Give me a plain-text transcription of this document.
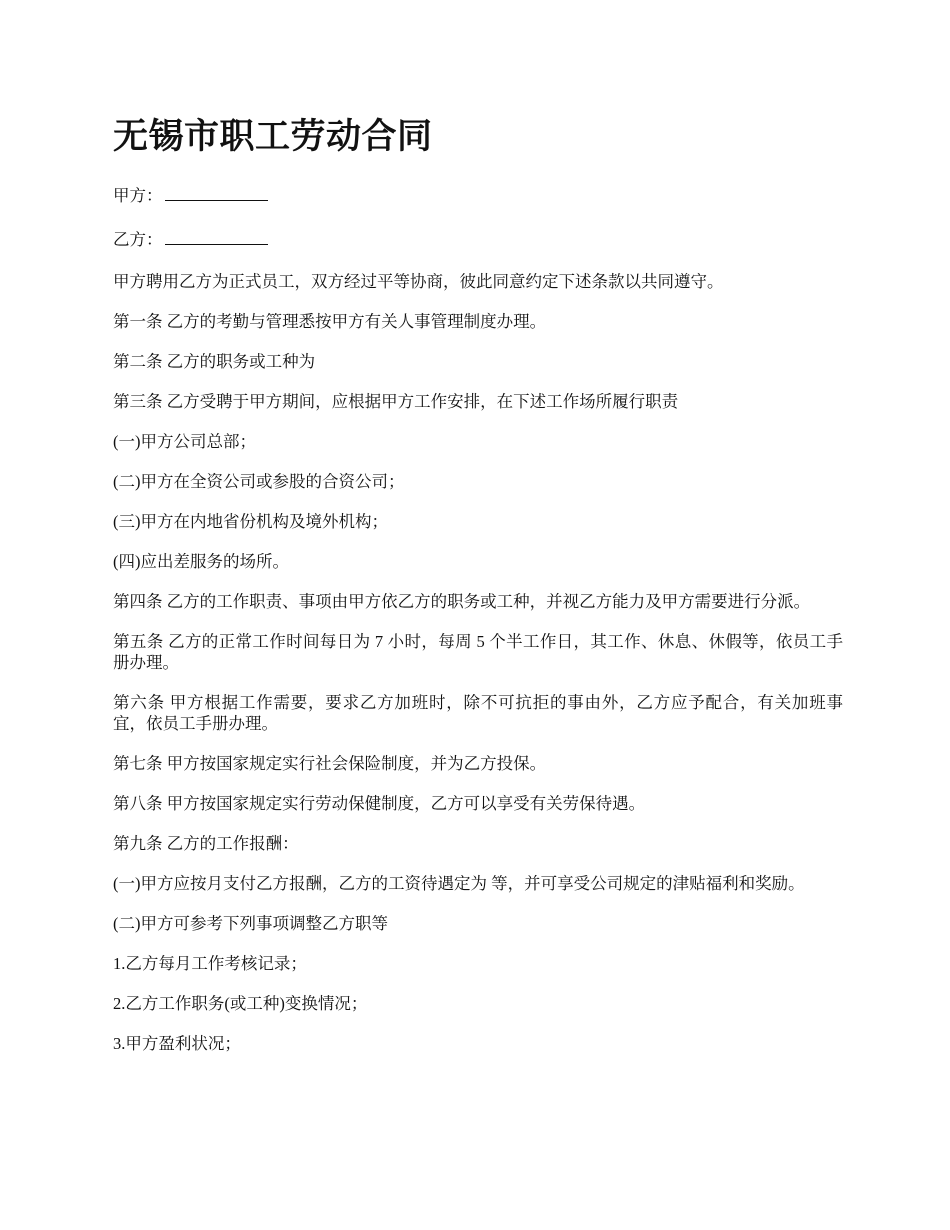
无锡市职工劳动合同

甲方：

乙方：

甲方聘用乙方为正式员工，双方经过平等协商，彼此同意约定下述条款以共同遵守。

第一条 乙方的考勤与管理悉按甲方有关人事管理制度办理。

第二条 乙方的职务或工种为

第三条 乙方受聘于甲方期间，应根据甲方工作安排，在下述工作场所履行职责

(一)甲方公司总部；

(二)甲方在全资公司或参股的合资公司；

(三)甲方在内地省份机构及境外机构；

(四)应出差服务的场所。

第四条 乙方的工作职责、事项由甲方依乙方的职务或工种，并视乙方能力及甲方需要进行分派。

第五条 乙方的正常工作时间每日为 7 小时，每周 5 个半工作日，其工作、休息、休假等，依员工手册办理。

第六条 甲方根据工作需要，要求乙方加班时，除不可抗拒的事由外，乙方应予配合，有关加班事宜，依员工手册办理。

第七条 甲方按国家规定实行社会保险制度，并为乙方投保。

第八条 甲方按国家规定实行劳动保健制度，乙方可以享受有关劳保待遇。

第九条 乙方的工作报酬：

(一)甲方应按月支付乙方报酬，乙方的工资待遇定为 等，并可享受公司规定的津贴福利和奖励。

(二)甲方可参考下列事项调整乙方职等

1.乙方每月工作考核记录；

2.乙方工作职务(或工种)变换情况；

3.甲方盈利状况；
